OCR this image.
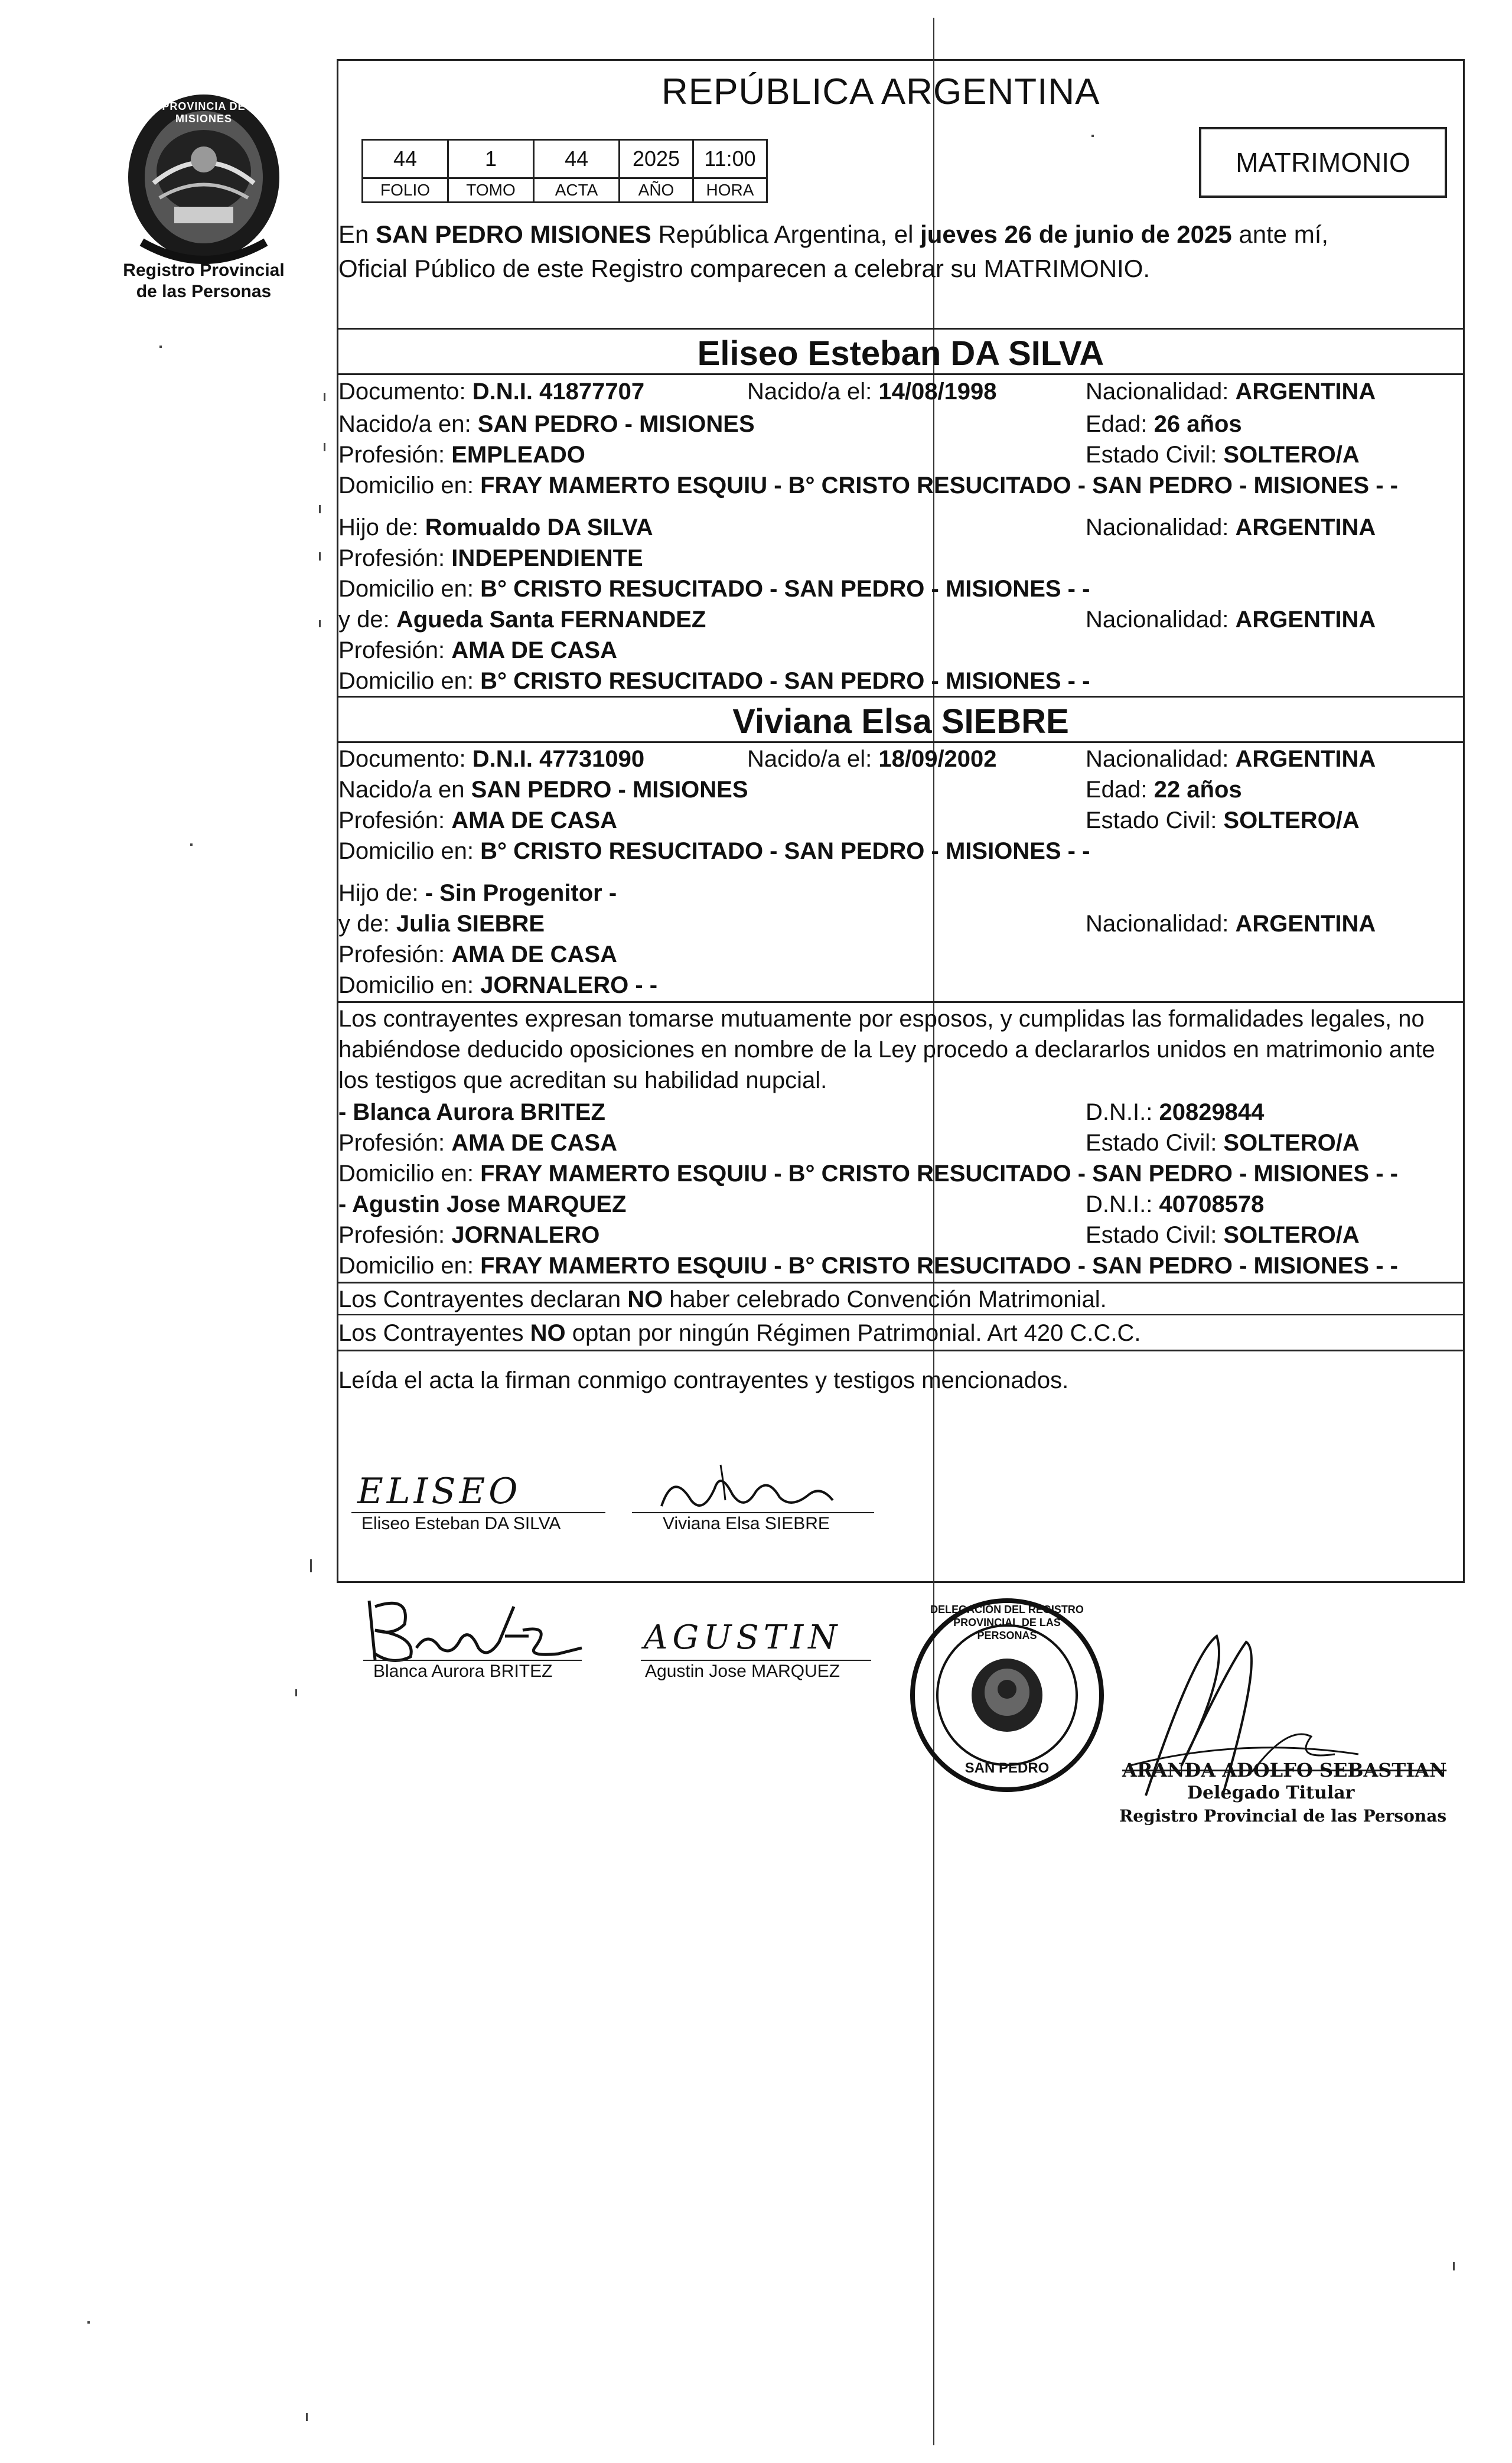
PROVINCIA DE MISIONES
Registro Provincial
de las Personas
REPÚBLICA ARGENTINA
44	1	44	2025	11:00
FOLIO	TOMO	ACTA	AÑO	HORA
MATRIMONIO
En SAN PEDRO MISIONES República Argentina, el jueves 26 de junio de 2025 ante mí,
Oficial Público de este Registro comparecen a celebrar su MATRIMONIO.
Eliseo Esteban DA SILVA
Documento: D.N.I. 41877707	Nacido/a el: 14/08/1998	Nacionalidad: ARGENTINA
Nacido/a en: SAN PEDRO - MISIONES	Edad: 26 años
Profesión: EMPLEADO	Estado Civil: SOLTERO/A
Domicilio en: FRAY MAMERTO ESQUIU - B° CRISTO RESUCITADO - SAN PEDRO - MISIONES - -
Hijo de: Romualdo DA SILVA	Nacionalidad: ARGENTINA
Profesión: INDEPENDIENTE
Domicilio en: B° CRISTO RESUCITADO - SAN PEDRO - MISIONES - -
y de: Agueda Santa FERNANDEZ	Nacionalidad: ARGENTINA
Profesión: AMA DE CASA
Domicilio en: B° CRISTO RESUCITADO - SAN PEDRO - MISIONES - -
Viviana Elsa SIEBRE
Documento: D.N.I. 47731090	Nacido/a el: 18/09/2002	Nacionalidad: ARGENTINA
Nacido/a en SAN PEDRO - MISIONES	Edad: 22 años
Profesión: AMA DE CASA	Estado Civil: SOLTERO/A
Domicilio en: B° CRISTO RESUCITADO - SAN PEDRO - MISIONES - -
Hijo de: - Sin Progenitor -
y de: Julia SIEBRE	Nacionalidad: ARGENTINA
Profesión: AMA DE CASA
Domicilio en: JORNALERO - -
Los contrayentes expresan tomarse mutuamente por esposos, y cumplidas las formalidades legales, no
habiéndose deducido oposiciones en nombre de la Ley procedo a declararlos unidos en matrimonio ante
los testigos que acreditan su habilidad nupcial.
- Blanca Aurora BRITEZ	D.N.I.: 20829844
Profesión: AMA DE CASA	Estado Civil: SOLTERO/A
Domicilio en: FRAY MAMERTO ESQUIU - B° CRISTO RESUCITADO - SAN PEDRO - MISIONES - -
- Agustin Jose MARQUEZ	D.N.I.: 40708578
Profesión: JORNALERO	Estado Civil: SOLTERO/A
Domicilio en: FRAY MAMERTO ESQUIU - B° CRISTO RESUCITADO - SAN PEDRO - MISIONES - -
Los Contrayentes declaran NO haber celebrado Convención Matrimonial.
Los Contrayentes NO optan por ningún Régimen Patrimonial. Art 420 C.C.C.
Leída el acta la firman conmigo contrayentes y testigos mencionados.
ELISEO
Eliseo Esteban DA SILVA	Viviana Elsa SIEBRE
Blanca Aurora BRITEZ
AGUSTIN
Agustin Jose MARQUEZ
DELEGACIÓN DEL REGISTRO PROVINCIAL DE LAS PERSONAS
SAN PEDRO	ARANDA ADOLFO SEBASTIAN
Delegado Titular
Registro Provincial de las Personas
